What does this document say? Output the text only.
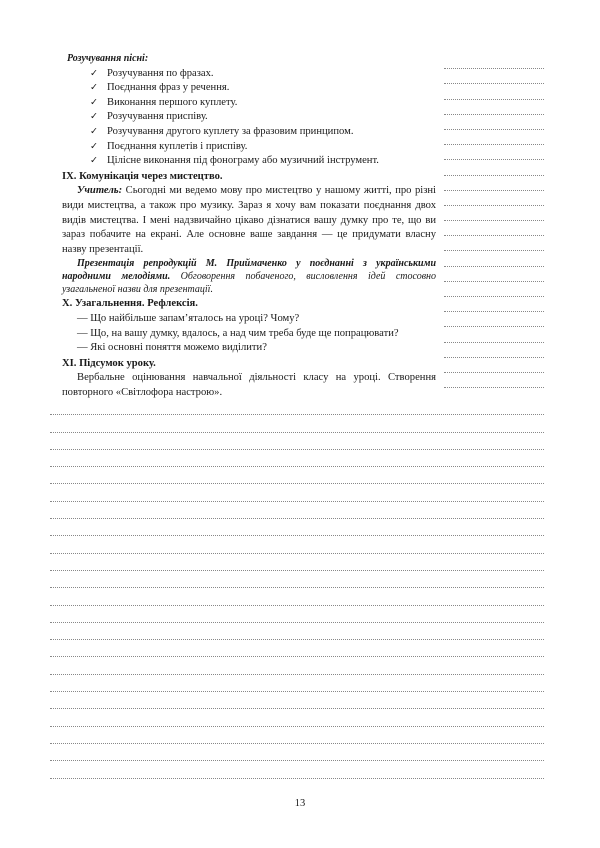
Розучування пісні:
✓ Розучування по фразах.
✓ Поєднання фраз у речення.
✓ Виконання першого куплету.
✓ Розучування приспіву.
✓ Розучування другого куплету за фразовим принципом.
✓ Поєднання куплетів і приспіву.
✓ Цілісне виконання під фонограму або музичний інструмент.
IX. Комунікація через мистецтво.
Учитель: Сьогодні ми ведемо мову про мистецтво у нашому житті, про різні види мистецтва, а також про музику. Зараз я хочу вам показати поєднання двох видів мистецтва. І мені надзвичайно цікаво дізнатися вашу думку про те, що ви зараз побачите на екрані. Але основне ваше завдання — це придумати власну назву презентації.
Презентація репродукцій М. Приймаченко у поєднанні з українськими народними мелодіями. Обговорення побаченого, висловлення ідей стосовно узагальненої назви для презентації.
X. Узагальнення. Рефлексія.
— Що найбільше запам’яталось на уроці? Чому?
— Що, на вашу думку, вдалось, а над чим треба буде ще попрацювати?
— Які основні поняття можемо виділити?
XI. Підсумок уроку.
Вербальне оцінювання навчальної діяльності класу на уроці. Створення повторного «Світлофора настрою».
13
